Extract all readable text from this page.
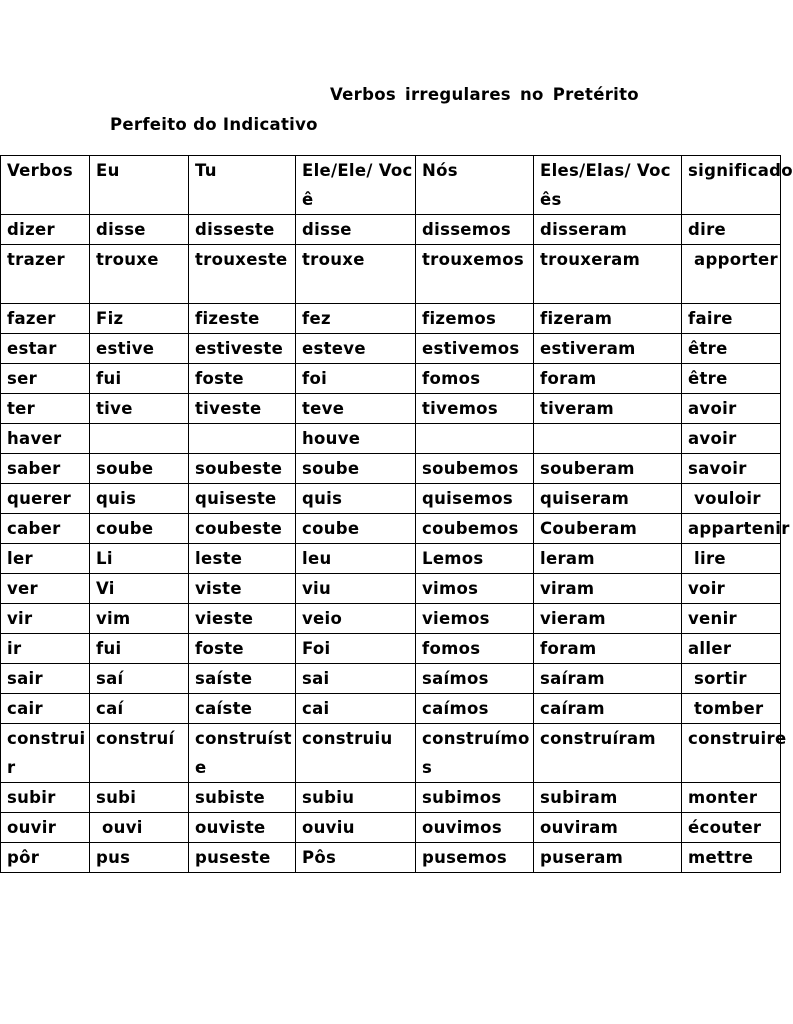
Verbos irregulares no Pretérito
Perfeito do Indicativo
Verbos	Eu	Tu	Ele/Ele/ Você	Nós	Eles/Elas/ Vocês	significado
dizer	disse	disseste	disse	dissemos	disseram	dire
trazer	trouxe	trouxeste	trouxe	trouxemos	trouxeram	apporter
fazer	Fiz	fizeste	fez	fizemos	fizeram	faire
estar	estive	estiveste	esteve	estivemos	estiveram	être
ser	fui	foste	foi	fomos	foram	être
ter	tive	tiveste	teve	tivemos	tiveram	avoir
haver			houve			avoir
saber	soube	soubeste	soube	soubemos	souberam	savoir
querer	quis	quiseste	quis	quisemos	quiseram	vouloir
caber	coube	coubeste	coube	coubemos	Couberam	appartenir
ler	Li	leste	leu	Lemos	leram	lire
ver	Vi	viste	viu	vimos	viram	voir
vir	vim	vieste	veio	viemos	vieram	venir
ir	fui	foste	Foi	fomos	foram	aller
sair	saí	saíste	sai	saímos	saíram	sortir
cair	caí	caíste	cai	caímos	caíram	tomber
construir	construí	construíste	construiu	construímos	construíram	construire
subir	subi	subiste	subiu	subimos	subiram	monter
ouvir	ouvi	ouviste	ouviu	ouvimos	ouviram	écouter
pôr	pus	puseste	Pôs	pusemos	puseram	mettre
